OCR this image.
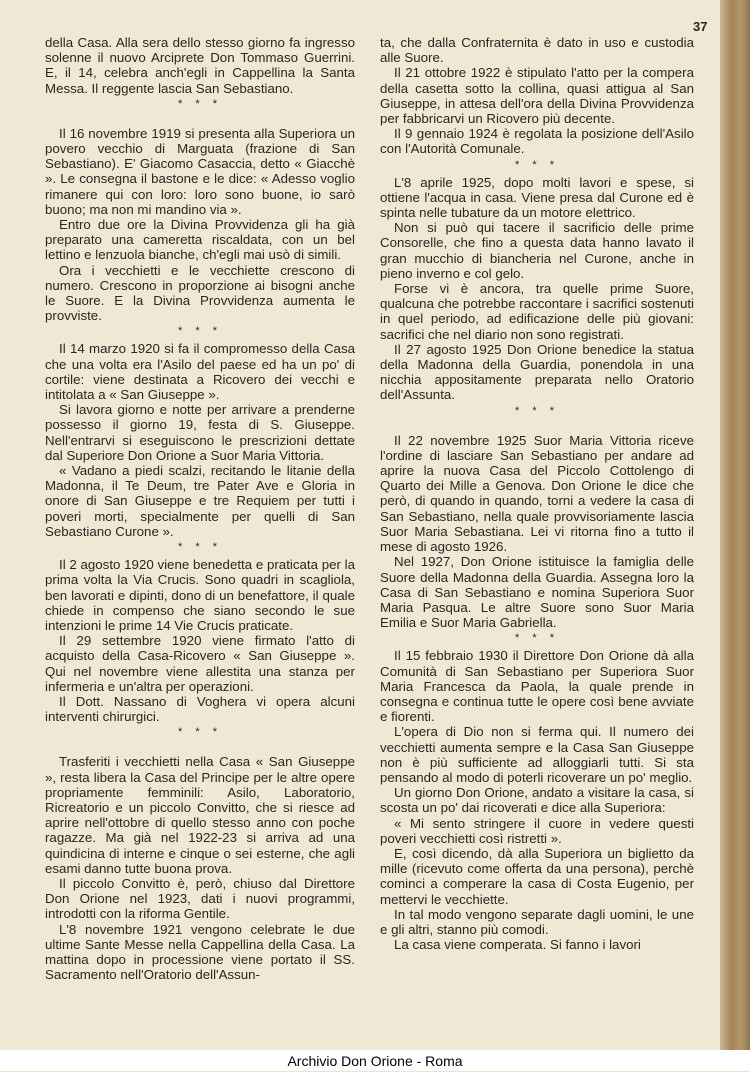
37

della Casa. Alla sera dello stesso giorno fa ingresso solenne il nuovo Arciprete Don Tommaso Guerrini. E, il 14, celebra anch'egli in Cappellina la Santa Messa. Il reggente lascia San Sebastiano.

* * *

Il 16 novembre 1919 si presenta alla Superiora un povero vecchio di Marguata (frazione di San Sebastiano). E' Giacomo Casaccia, detto « Giacchè ». Le consegna il bastone e le dice: « Adesso voglio rimanere qui con loro: loro sono buone, io sarò buono; ma non mi mandino via ».

Entro due ore la Divina Provvidenza gli ha già preparato una cameretta riscaldata, con un bel lettino e lenzuola bianche, ch'egli mai usò di simili.

Ora i vecchietti e le vecchiette crescono di numero. Crescono in proporzione ai bisogni anche le Suore. E la Divina Provvidenza aumenta le provviste.

* * *

Il 14 marzo 1920 si fa il compromesso della Casa che una volta era l'Asilo del paese ed ha un po' di cortile: viene destinata a Ricovero dei vecchi e intitolata a « San Giuseppe ».

Si lavora giorno e notte per arrivare a prenderne possesso il giorno 19, festa di S. Giuseppe. Nell'entrarvi si eseguiscono le prescrizioni dettate dal Superiore Don Orione a Suor Maria Vittoria.

« Vadano a piedi scalzi, recitando le litanie della Madonna, il Te Deum, tre Pater Ave e Gloria in onore di San Giuseppe e tre Requiem per tutti i poveri morti, specialmente per quelli di San Sebastiano Curone ».

* * *

Il 2 agosto 1920 viene benedetta e praticata per la prima volta la Via Crucis. Sono quadri in scagliola, ben lavorati e dipinti, dono di un benefattore, il quale chiede in compenso che siano secondo le sue intenzioni le prime 14 Vie Crucis praticate.

Il 29 settembre 1920 viene firmato l'atto di acquisto della Casa-Ricovero « San Giuseppe ». Qui nel novembre viene allestita una stanza per infermeria e un'altra per operazioni.

Il Dott. Nassano di Voghera vi opera alcuni interventi chirurgici.

* * *

Trasferiti i vecchietti nella Casa « San Giuseppe », resta libera la Casa del Principe per le altre opere propriamente femminili: Asilo, Laboratorio, Ricreatorio e un piccolo Convitto, che si riesce ad aprire nell'ottobre di quello stesso anno con poche ragazze. Ma già nel 1922-23 si arriva ad una quindicina di interne e cinque o sei esterne, che agli esami danno tutte buona prova.

Il piccolo Convitto è, però, chiuso dal Direttore Don Orione nel 1923, dati i nuovi programmi, introdotti con la riforma Gentile.

L'8 novembre 1921 vengono celebrate le due ultime Sante Messe nella Cappellina della Casa. La mattina dopo in processione viene portato il SS. Sacramento nell'Oratorio dell'Assun-

ta, che dalla Confraternita è dato in uso e custodia alle Suore.

Il 21 ottobre 1922 è stipulato l'atto per la compera della casetta sotto la collina, quasi attigua al San Giuseppe, in attesa dell'ora della Divina Provvidenza per fabbricarvi un Ricovero più decente.

Il 9 gennaio 1924 è regolata la posizione dell'Asilo con l'Autorità Comunale.

* * *

L'8 aprile 1925, dopo molti lavori e spese, si ottiene l'acqua in casa. Viene presa dal Curone ed è spinta nelle tubature da un motore elettrico.

Non si può qui tacere il sacrificio delle prime Consorelle, che fino a questa data hanno lavato il gran mucchio di biancheria nel Curone, anche in pieno inverno e col gelo.

Forse vi è ancora, tra quelle prime Suore, qualcuna che potrebbe raccontare i sacrifici sostenuti in quel periodo, ad edificazione delle più giovani: sacrifici che nel diario non sono registrati.

Il 27 agosto 1925 Don Orione benedice la statua della Madonna della Guardia, ponendola in una nicchia appositamente preparata nello Oratorio dell'Assunta.

* * *

Il 22 novembre 1925 Suor Maria Vittoria riceve l'ordine di lasciare San Sebastiano per andare ad aprire la nuova Casa del Piccolo Cottolengo di Quarto dei Mille a Genova. Don Orione le dice che però, di quando in quando, torni a vedere la casa di San Sebastiano, nella quale provvisoriamente lascia Suor Maria Sebastiana. Lei vi ritorna fino a tutto il mese di agosto 1926.

Nel 1927, Don Orione istituisce la famiglia delle Suore della Madonna della Guardia. Assegna loro la Casa di San Sebastiano e nomina Superiora Suor Maria Pasqua. Le altre Suore sono Suor Maria Emilia e Suor Maria Gabriella.

* * *

Il 15 febbraio 1930 il Direttore Don Orione dà alla Comunità di San Sebastiano per Superiora Suor Maria Francesca da Paola, la quale prende in consegna e continua tutte le opere così bene avviate e fiorenti.

L'opera di Dio non si ferma qui. Il numero dei vecchietti aumenta sempre e la Casa San Giuseppe non è più sufficiente ad alloggiarli tutti. Si sta pensando al modo di poterli ricoverare un po' meglio.

Un giorno Don Orione, andato a visitare la casa, si scosta un po' dai ricoverati e dice alla Superiora:

« Mi sento stringere il cuore in vedere questi poveri vecchietti così ristretti ».

E, così dicendo, dà alla Superiora un biglietto da mille (ricevuto come offerta da una persona), perchè cominci a comperare la casa di Costa Eugenio, per mettervi le vecchiette.

In tal modo vengono separate dagli uomini, le une e gli altri, stanno più comodi.

La casa viene comperata. Si fanno i lavori

Archivio Don Orione - Roma
